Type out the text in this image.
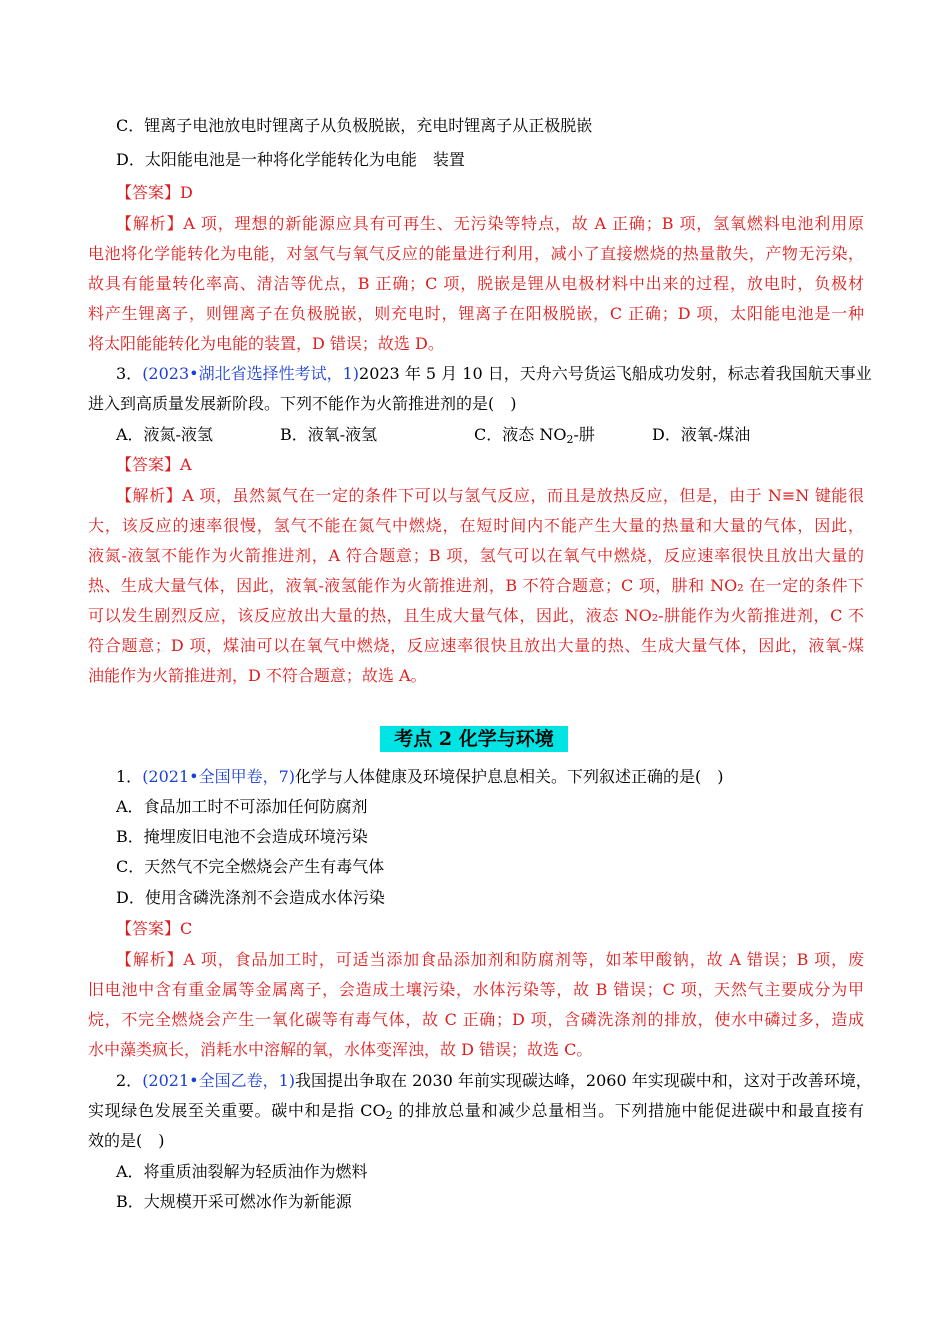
C．锂离子电池放电时锂离子从负极脱嵌，充电时锂离子从正极脱嵌
D．太阳能电池是一种将化学能转化为电能　装置
【答案】D
【解析】A 项，理想的新能源应具有可再生、无污染等特点，故 A 正确；B 项，氢氧燃料电池利用原
电池将化学能转化为电能，对氢气与氧气反应的能量进行利用，减小了直接燃烧的热量散失，产物无污染，
故具有能量转化率高、清洁等优点，B 正确；C 项，脱嵌是锂从电极材料中出来的过程，放电时，负极材
料产生锂离子，则锂离子在负极脱嵌，则充电时，锂离子在阳极脱嵌，C 正确；D 项，太阳能电池是一种
将太阳能能转化为电能的装置，D 错误；故选 D。
3．(2023•湖北省选择性考试，1)2023 年 5 月 10 日，天舟六号货运飞船成功发射，标志着我国航天事业
进入到高质量发展新阶段。下列不能作为火箭推进剂的是(　)
A．液氮-液氢	B．液氧-液氢	C．液态 $NO_2-$肼	D．液氧-煤油
【答案】A
【解析】A 项，虽然氮气在一定的条件下可以与氢气反应，而且是放热反应，但是，由于 N≡N 键能很
大，该反应的速率很慢，氢气不能在氮气中燃烧，在短时间内不能产生大量的热量和大量的气体，因此，
液氮-液氢不能作为火箭推进剂，A 符合题意；B 项，氢气可以在氧气中燃烧，反应速率很快且放出大量的
热、生成大量气体，因此，液氧-液氢能作为火箭推进剂，B 不符合题意；C 项，肼和 NO₂ 在一定的条件下
可以发生剧烈反应，该反应放出大量的热，且生成大量气体，因此，液态 NO₂-肼能作为火箭推进剂，C 不
符合题意；D 项，煤油可以在氧气中燃烧，反应速率很快且放出大量的热、生成大量气体，因此，液氧-煤
油能作为火箭推进剂，D 不符合题意；故选 A。
考点 2 化学与环境
1．(2021•全国甲卷，7)化学与人体健康及环境保护息息相关。下列叙述正确的是(　)
A．食品加工时不可添加任何防腐剂
B．掩埋废旧电池不会造成环境污染
C．天然气不完全燃烧会产生有毒气体
D．使用含磷洗涤剂不会造成水体污染
【答案】C
【解析】A 项，食品加工时，可适当添加食品添加剂和防腐剂等，如苯甲酸钠，故 A 错误；B 项，废
旧电池中含有重金属等金属离子，会造成土壤污染，水体污染等，故 B 错误；C 项，天然气主要成分为甲
烷，不完全燃烧会产生一氧化碳等有毒气体，故 C 正确；D 项，含磷洗涤剂的排放，使水中磷过多，造成
水中藻类疯长，消耗水中溶解的氧，水体变浑浊，故 D 错误；故选 C。
2．(2021•全国乙卷，1)我国提出争取在 2030 年前实现碳达峰，2060 年实现碳中和，这对于改善环境，
实现绿色发展至关重要。碳中和是指 $CO_2$ 的排放总量和减少总量相当。下列措施中能促进碳中和最直接有
效的是(　)
A．将重质油裂解为轻质油作为燃料
B．大规模开采可燃冰作为新能源
